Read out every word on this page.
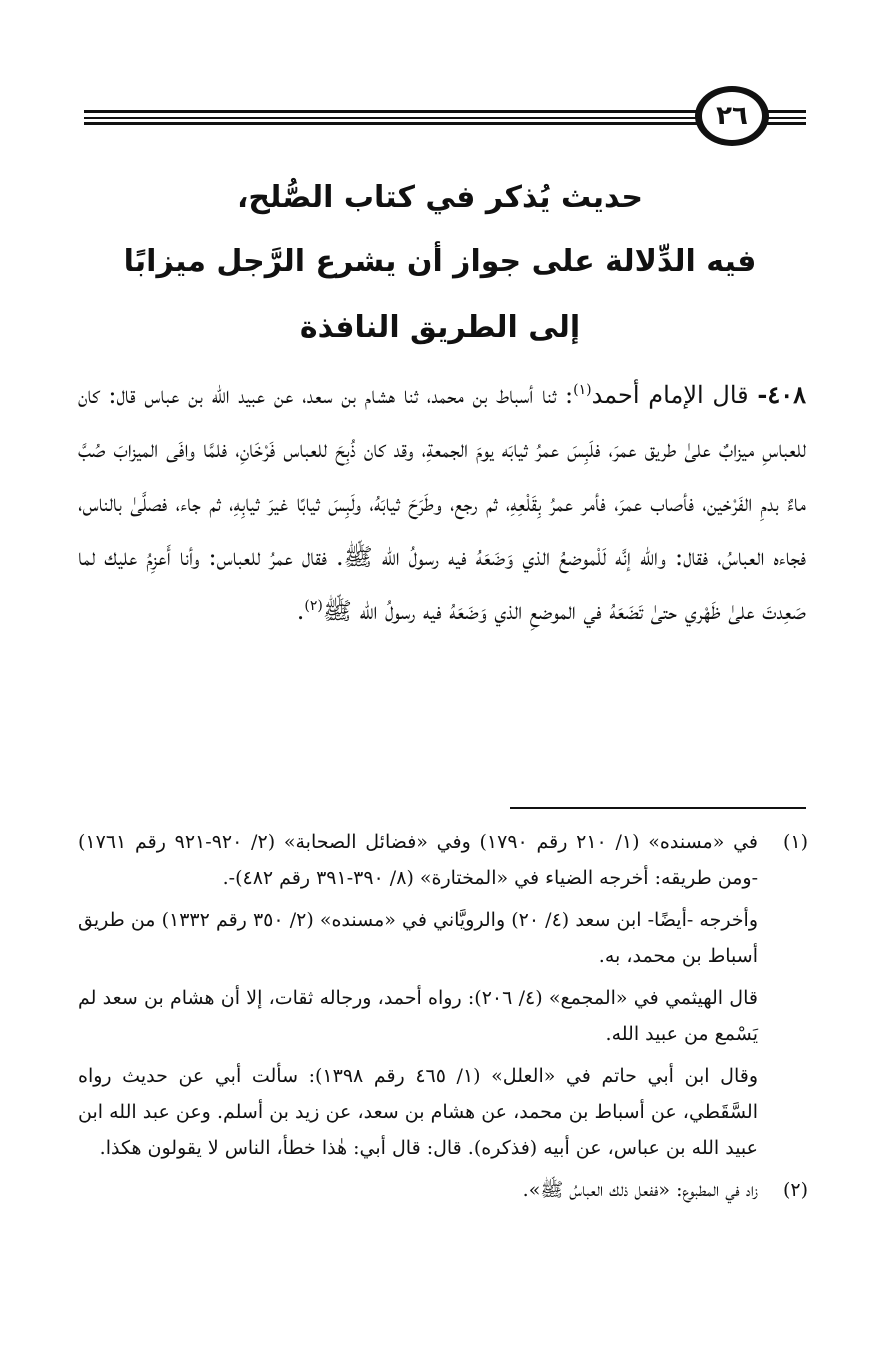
٢٦
حديث يُذكر في كتاب الصُّلح،
فيه الدِّلالة على جواز أن يشرع الرَّجل ميزابًا
إلى الطريق النافذة
٤٠٨- قال الإمام أحمد$^{(١)}$: ثنا أسباط بن محمد، ثنا هشام بن سعد، عن عبيد الله بن عباس قال: كان للعباسِ ميزابٌ علىٰ طريق عمرَ، فلَبِسَ عمرُ ثيابَه يومَ الجمعةِ، وقد كان ذُبِحَ للعباس فَرْخَانِ، فلمَّا وافَى الميزابَ صُبَّ ماءٌ بدمِ الفَرْخين، فأصاب عمرَ، فأمر عمرُ بِقَلْعِهِ، ثم رجع، وطَرَحَ ثيابَهُ، ولَبِسَ ثيابًا غيرَ ثيابِهِ، ثم جاء، فصلَّىٰ بالناس، فجاءه العباسُ، فقال: والله إنَّه لَلْموضعُ الذي وَضَعَهُ فيه رسولُ الله ﷺ. فقال عمرُ للعباس: وأنا أَعزِمُ عليك لما صَعِدتَ علىٰ ظَهْري حتىٰ تَضَعَهُ في الموضعِ الذي وَضَعَهُ فيه رسولُ الله ﷺ$^{(٢)}$.
(١)

في «مسنده» (١/ ٢١٠ رقم ١٧٩٠) وفي «فضائل الصحابة» (٢/ ٩٢٠-٩٢١ رقم ١٧٦١) -ومن طريقه: أخرجه الضياء في «المختارة» (٨/ ٣٩٠-٣٩١ رقم ٤٨٢)-.

وأخرجه -أيضًا- ابن سعد (٤/ ٢٠) والرويَّاني في «مسنده» (٢/ ٣٥٠ رقم ١٣٣٢) من طريق أسباط بن محمد، به.

قال الهيثمي في «المجمع» (٤/ ٢٠٦): رواه أحمد، ورجاله ثقات، إلا أن هشام بن سعد لم يَسْمع من عبيد الله.

وقال ابن أبي حاتم في «العلل» (١/ ٤٦٥ رقم ١٣٩٨): سألت أبي عن حديث رواه السَّقَطي، عن أسباط بن محمد، عن هشام بن سعد، عن زيد بن أسلم. وعن عبد الله ابن عبيد الله بن عباس، عن أبيه (فذكره). قال: قال أبي: هٰذا خطأ، الناس لا يقولون هكذا.

(٢)

زاد في المطبوع: «ففعل ذلك العباسُ ﷺ».
